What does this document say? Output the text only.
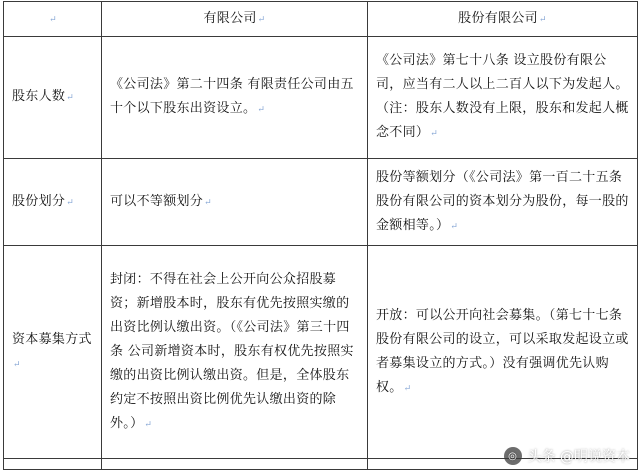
↵	有限公司↵	股份有限公司↵
股东人数↵	《公司法》第二十四条 有限责任公司由五十个以下股东出资设立。↵	《公司法》第七十八条 设立股份有限公司，应当有二人以上二百人以下为发起人。（注：股东人数没有上限，股东和发起人概念不同）↵
股份划分↵	可以不等额划分↵	股份等额划分（《公司法》第一百二十五条 股份有限公司的资本划分为股份，每一股的金额相等。）↵
资本募集方式↵	封闭：不得在社会上公开向公众招股募资；新增股本时，股东有优先按照实缴的出资比例认缴出资。（《公司法》第三十四条 公司新增资本时，股东有权优先按照实缴的出资比例认缴出资。但是，全体股东约定不按照出资比例优先认缴出资的除外。）↵	开放：可以公开向社会募集。（第七十七条 股份有限公司的设立，可以采取发起设立或者募集设立的方式。）没有强调优先认购权。↵

◎ 头条 @明说资本
